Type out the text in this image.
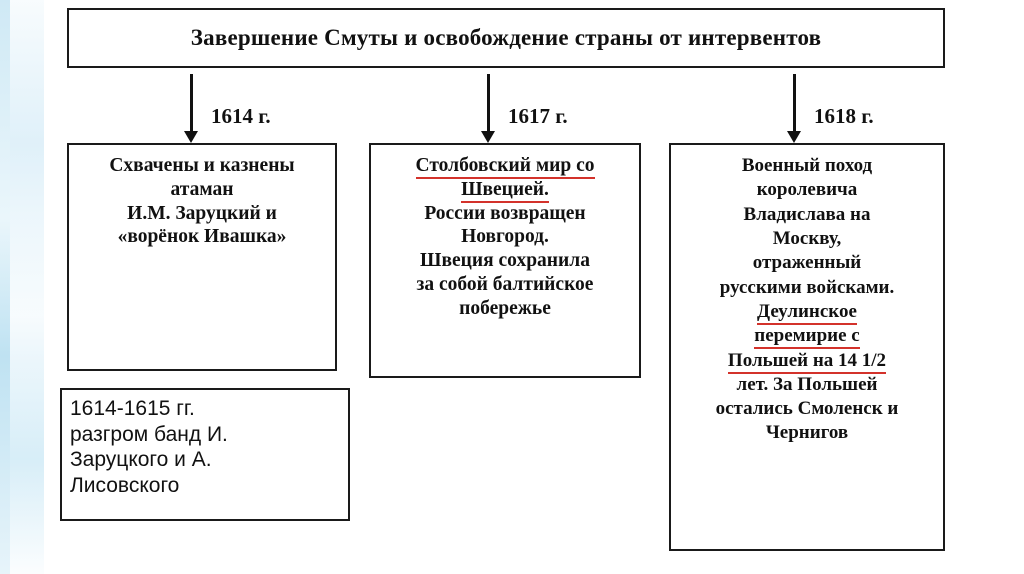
Завершение Смуты и освобождение страны от интервентов
1614 г.	1617 г.	1618 г.
Схвачены и казнены
атаман
И.М. Заруцкий и
«ворёнок Ивашка»
Столбовский мир со
Швецией.
России возвращен
Новгород.
Швеция сохранила
за собой балтийское
побережье
Военный поход
королевича
Владислава на
Москву,
отраженный
русскими войсками.
Деулинское
перемирие с
Польшей на 14 1/2
лет. За Польшей
остались Смоленск и
Чернигов
1614-1615 гг.
разгром банд И.
Заруцкого и А.
Лисовского
